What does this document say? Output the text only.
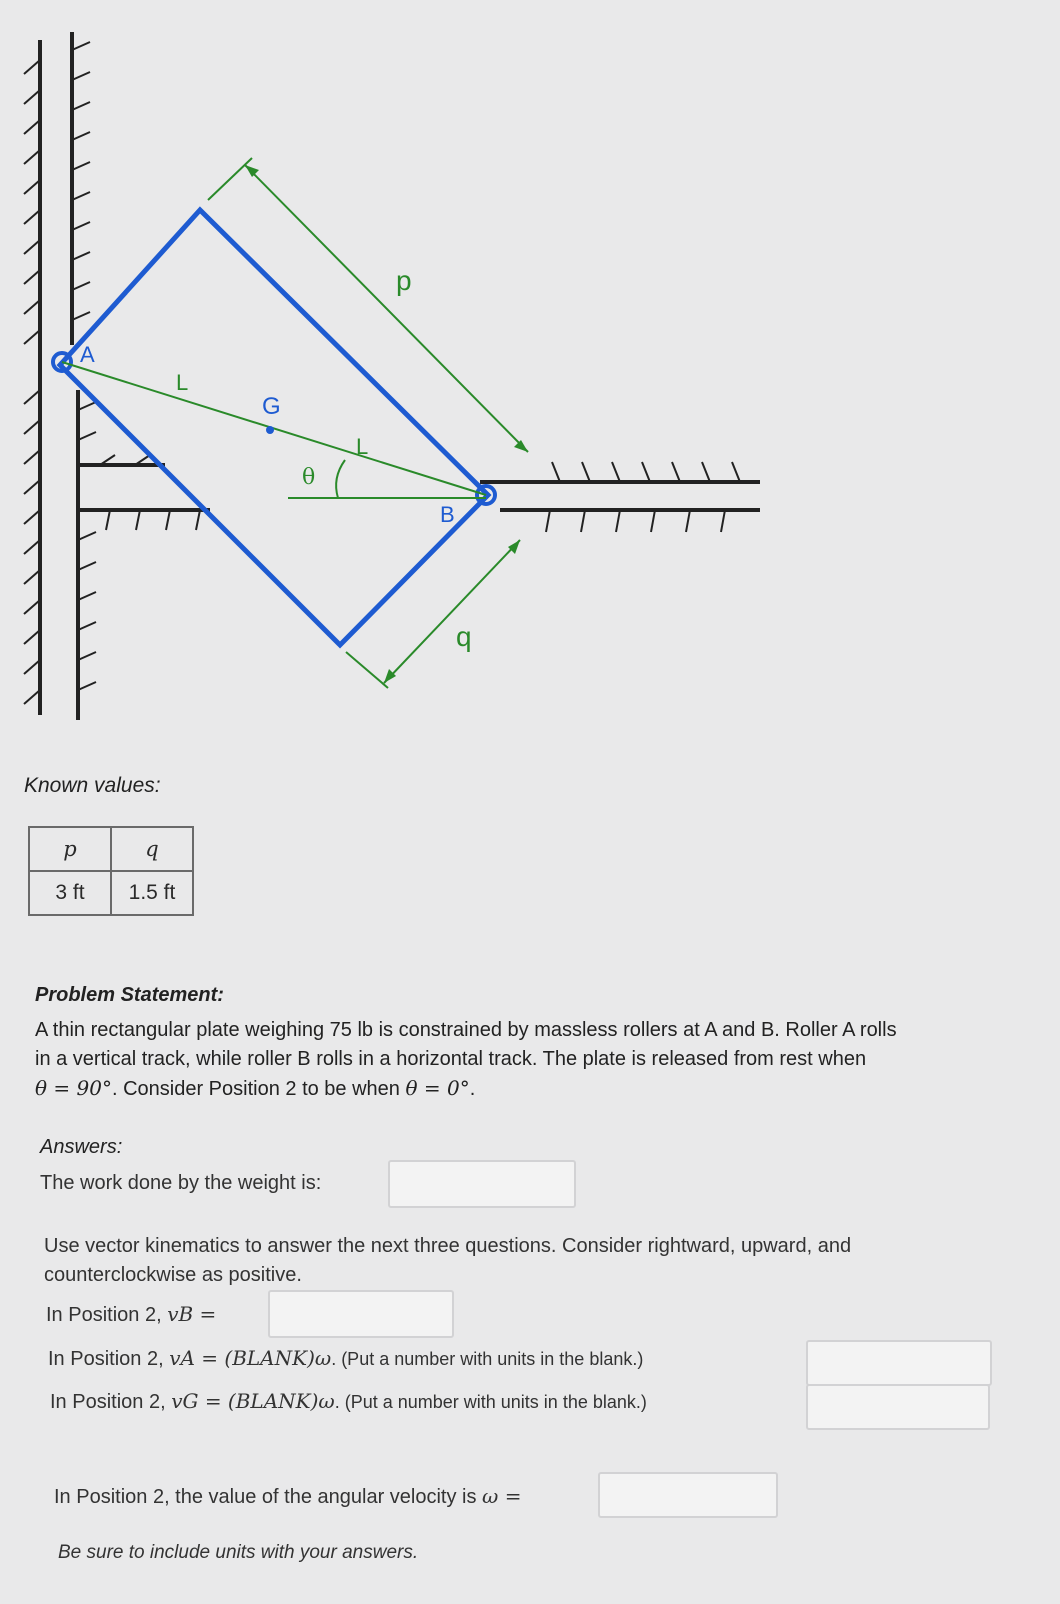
A
B
G
L
L
θ
p
q
Known values:
p	q
3 ft	1.5 ft
Problem Statement:
A thin rectangular plate weighing 75 lb is constrained by massless rollers at A and B. Roller A rolls
in a vertical track, while roller B rolls in a horizontal track. The plate is released from rest when
θ = 90°. Consider Position 2 to be when θ = 0°.
Answers:
The work done by the weight is:
Use vector kinematics to answer the next three questions. Consider rightward, upward, and
counterclockwise as positive.
In Position 2, vB =
In Position 2, vA = (BLANK)ω. (Put a number with units in the blank.)
In Position 2, vG = (BLANK)ω. (Put a number with units in the blank.)
In Position 2, the value of the angular velocity is ω =
Be sure to include units with your answers.
